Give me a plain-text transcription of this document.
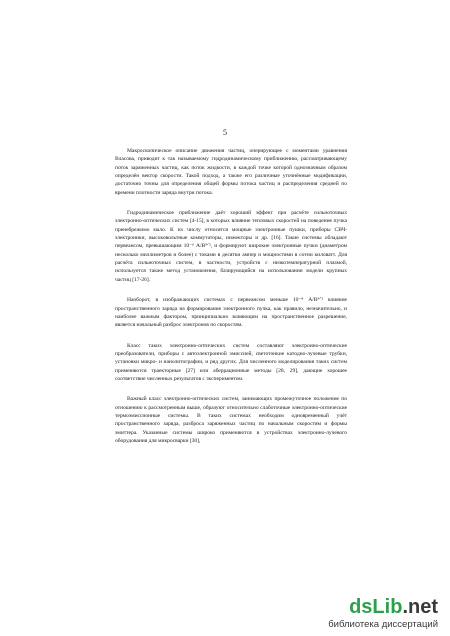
5

Макроскопическое описание движения частиц, оперирующее с моментами уравнения Власова, приводит к так называемому гидродинамическому приближению, рассматривающему поток заряженных частиц, как поток жидкости, в каждой точке которой однозначным образом определён вектор скорости. Такой подход, а также его различные уточнённые модификации, достаточно точны для определения общей формы потока частиц и распределения средней по времени плотности заряда внутри потока.

Гидродинамическое приближение даёт хороший эффект при расчёте сильноточных электронно-оптических систем [4-15], в которых влияние тепловых скоростей на поведение пучка пренебрежимо мало. К их числу относятся мощные электронные пушки, приборы СВЧ-электроники, высоковольтные коммутаторы, инжекторы и др. [16]. Такие системы обладают первеансом, превышающим 10⁻⁶ А/В³ᐟ², и формируют широкие электронные пучки (диаметром несколько миллиметров и более) с токами в десятки ампер и мощностями в сотни киловатт. Для расчёта сильноточных систем, в частности, устройств с низкотемпературной плазмой, используется также метод установления, базирующийся на использовании модели крупных частиц [17-26].

Наоборот, в изображающих системах с первеансом меньше 10⁻⁸ А/В³ᐟ² влияние пространственного заряда на формирование электронного пучка, как правило, незначительно, и наиболее важным фактором, принципиально влияющим на пространственное разрешение, является начальный разброс электронов по скоростям.

Класс таких электронно-оптических систем составляют электронно-оптические преобразователи, приборы с автоэлектронной эмиссией, светотонкие катодно-лучевые трубки, установки микро- и нанолитографии, и ряд других. Для численного моделирования таких систем применяются траекторные [27] или аберрационные методы [28, 29], дающие хорошее соответствие численных результатов с экспериментом.

Важный класс электронно-оптических систем, занимающих промежуточное положение по отношению к рассмотренным выше, образуют относительно слаботочные электронно-оптические термоэмиссионные системы. В таких системах необходим одновременный учёт пространственного заряда, разброса заряженных частиц по начальным скоростям и формы эмиттера. Указанные системы широко применяются в устройствах электронно-лучевого оборудования для микросварки [30],

dsLib.net
библиотека диссертаций
